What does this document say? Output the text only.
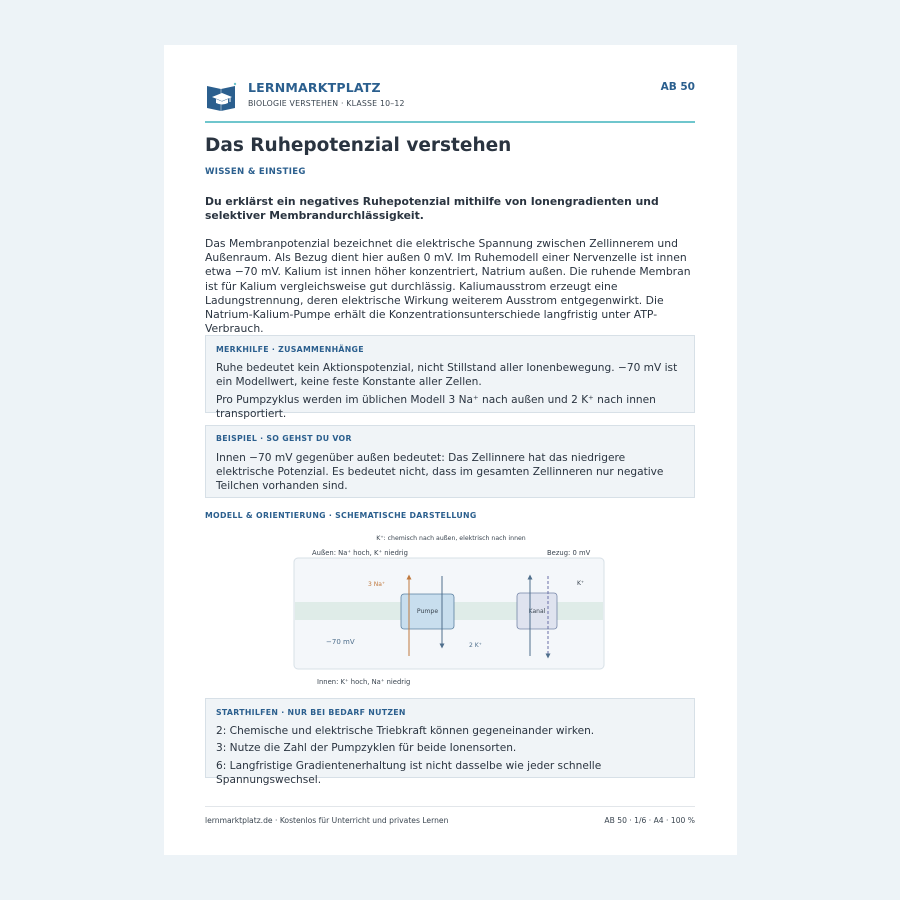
LERNMARKTPLATZ
BIOLOGIE VERSTEHEN · KLASSE 10–12
AB 50
Das Ruhepotenzial verstehen
WISSEN & EINSTIEG
Du erklärst ein negatives Ruhepotenzial mithilfe von Ionengradienten und selektiver Membrandurchlässigkeit.
Das Membranpotenzial bezeichnet die elektrische Spannung zwischen Zellinnerem und Außenraum. Als Bezug dient hier außen 0 mV. Im Ruhemodell einer Nervenzelle ist innen etwa −70 mV. Kalium ist innen höher konzentriert, Natrium außen. Die ruhende Membran ist für Kalium vergleichsweise gut durchlässig. Kaliumausstrom erzeugt eine Ladungstrennung, deren elektrische Wirkung weiterem Ausstrom entgegenwirkt. Die Natrium-Kalium-Pumpe erhält die Konzentrationsunterschiede langfristig unter ATP-Verbrauch.
MERKHILFE · ZUSAMMENHÄNGE
Ruhe bedeutet kein Aktionspotenzial, nicht Stillstand aller Ionenbewegung. −70 mV ist ein Modellwert, keine feste Konstante aller Zellen.
Pro Pumpzyklus werden im üblichen Modell 3 Na⁺ nach außen und 2 K⁺ nach innen transportiert.
BEISPIEL · SO GEHST DU VOR
Innen −70 mV gegenüber außen bedeutet: Das Zellinnere hat das niedrigere elektrische Potenzial. Es bedeutet nicht, dass im gesamten Zellinneren nur negative Teilchen vorhanden sind.
MODELL & ORIENTIERUNG · SCHEMATISCHE DARSTELLUNG
K⁺: chemisch nach außen, elektrisch nach innen
Außen: Na⁺ hoch, K⁺ niedrig	Bezug: 0 mV
Pumpe	Kanal
3 Na⁺
2 K⁺
K⁺
−70 mV
Innen: K⁺ hoch, Na⁺ niedrig
STARTHILFEN · NUR BEI BEDARF NUTZEN
2: Chemische und elektrische Triebkraft können gegeneinander wirken.
3: Nutze die Zahl der Pumpzyklen für beide Ionensorten.
6: Langfristige Gradientenerhaltung ist nicht dasselbe wie jeder schnelle Spannungswechsel.
lernmarktplatz.de · Kostenlos für Unterricht und privates Lernen	AB 50 · 1/6 · A4 · 100 %
